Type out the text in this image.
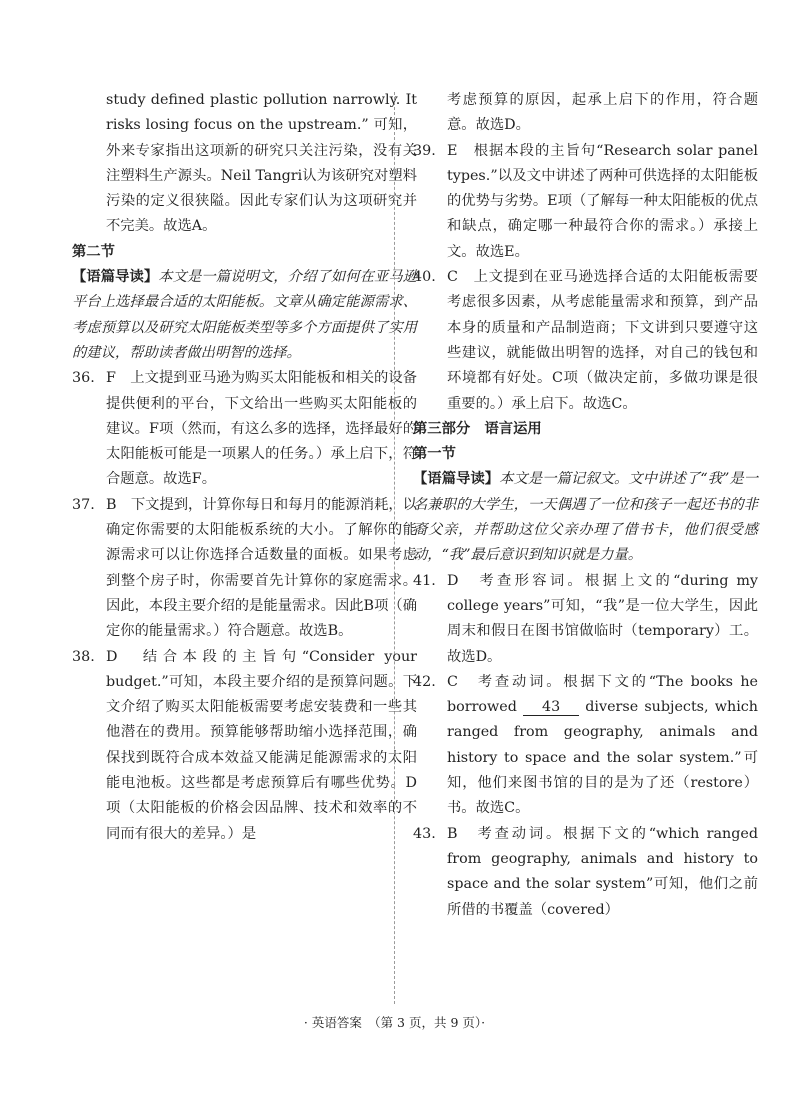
study defined plastic pollution narrowly. It risks losing focus on the upstream.” 可知，外来专家指出这项新的研究只关注污染，没有关注塑料生产源头。Neil Tangri认为该研究对塑料污染的定义很狭隘。因此专家们认为这项研究并不完美。故选A。

第二节

【语篇导读】本文是一篇说明文，介绍了如何在亚马逊平台上选择最合适的太阳能板。文章从确定能源需求、考虑预算以及研究太阳能板类型等多个方面提供了实用的建议，帮助读者做出明智的选择。

36. F　上文提到亚马逊为购买太阳能板和相关的设备提供便利的平台，下文给出一些购买太阳能板的建议。F项（然而，有这么多的选择，选择最好的太阳能板可能是一项累人的任务。）承上启下，符合题意。故选F。
37. B　下文提到，计算你每日和每月的能源消耗，以确定你需要的太阳能板系统的大小。了解你的能源需求可以让你选择合适数量的面板。如果考虑到整个房子时，你需要首先计算你的家庭需求。因此，本段主要介绍的是能量需求。因此B项（确定你的能量需求。）符合题意。故选B。
38. D　结合本段的主旨句“Consider your budget.”可知，本段主要介绍的是预算问题。下文介绍了购买太阳能板需要考虑安装费和一些其他潜在的费用。预算能够帮助缩小选择范围，确保找到既符合成本效益又能满足能源需求的太阳能电池板。这些都是考虑预算后有哪些优势。D项（太阳能板的价格会因品牌、技术和效率的不同而有很大的差异。）是

考虑预算的原因，起承上启下的作用，符合题意。故选D。

39. E　根据本段的主旨句“Research solar panel types.”以及文中讲述了两种可供选择的太阳能板的优势与劣势。E项（了解每一种太阳能板的优点和缺点，确定哪一种最符合你的需求。）承接上文。故选E。
40. C　上文提到在亚马逊选择合适的太阳能板需要考虑很多因素，从考虑能量需求和预算，到产品本身的质量和产品制造商；下文讲到只要遵守这些建议，就能做出明智的选择，对自己的钱包和环境都有好处。C项（做决定前，多做功课是很重要的。）承上启下。故选C。

第三部分　语言运用

第一节

【语篇导读】本文是一篇记叙文。文中讲述了“我”是一名兼职的大学生，一天偶遇了一位和孩子一起还书的非裔父亲，并帮助这位父亲办理了借书卡，他们很受感动，“我”最后意识到知识就是力量。

41. D　考查形容词。根据上文的“during my college years”可知，“我”是一位大学生，因此周末和假日在图书馆做临时（temporary）工。故选D。
42. C　考查动词。根据下文的“The books he borrowed 43 diverse subjects, which ranged from geography, animals and history to space and the solar system.”可知，他们来图书馆的目的是为了还（restore）书。故选C。
43. B　考查动词。根据下文的“which ranged from geography, animals and history to space and the solar system”可知，他们之前所借的书覆盖（covered）
· 英语答案　（第 3 页，共 9 页）·
